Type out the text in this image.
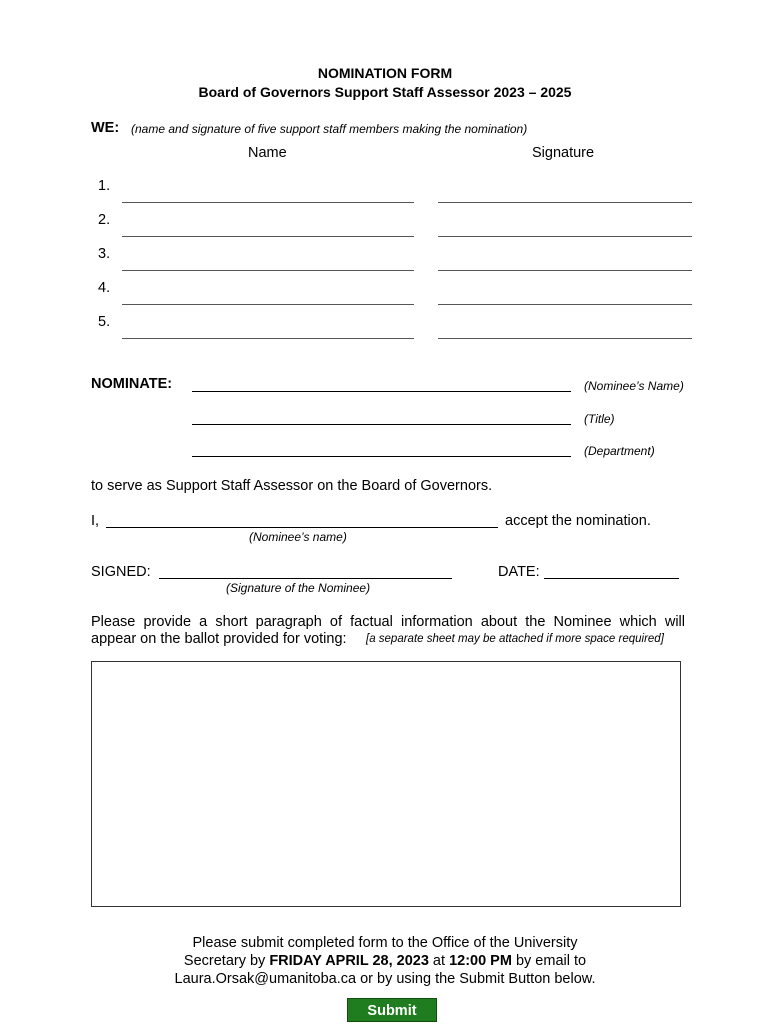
NOMINATION FORM
Board of Governors Support Staff Assessor 2023 – 2025
WE: (name and signature of five support staff members making the nomination)
Name	Signature
1.
2.
3.
4.
5.
NOMINATE:	(Nominee’s Name)
(Title)
(Department)
to serve as Support Staff Assessor on the Board of Governors.
I,	accept the nomination.
(Nominee’s name)
SIGNED:
(Signature of the Nominee)
DATE:
Please provide a short paragraph of factual information about the Nominee which will
appear on the ballot provided for voting: [a separate sheet may be attached if more space required]
Please submit completed form to the Office of the University
Secretary by FRIDAY APRIL 28, 2023 at 12:00 PM by email to
Laura.Orsak@umanitoba.ca or by using the Submit Button below.
Submit
